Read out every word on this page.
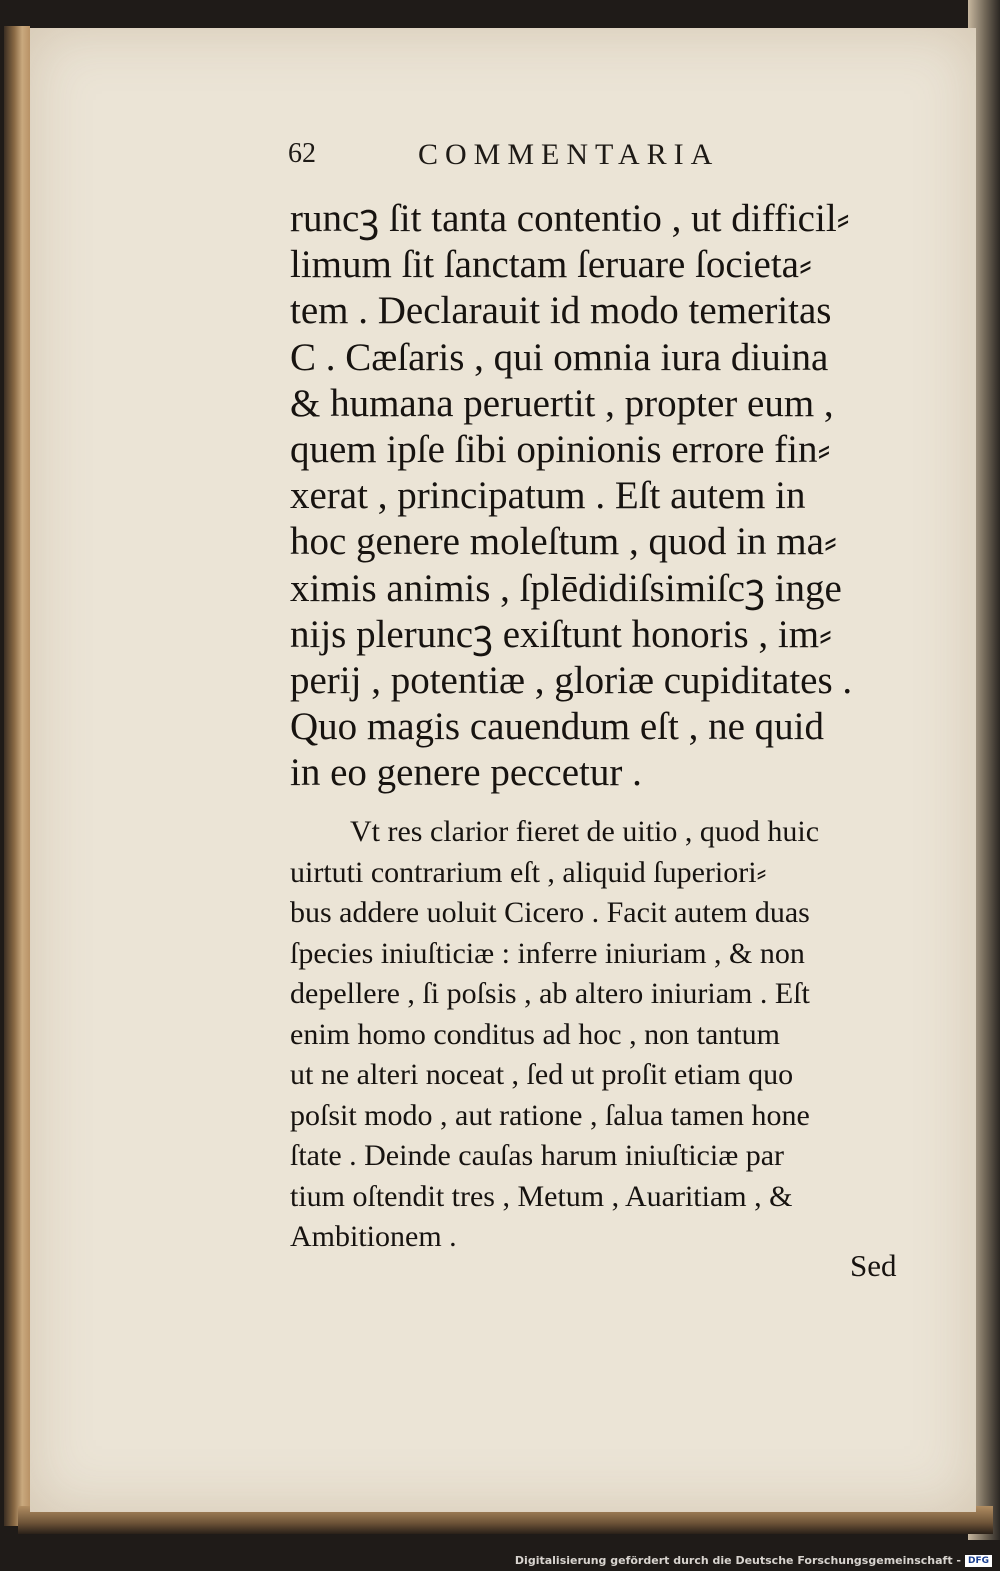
62	COMMENTARIA
runcꝫ ſit tanta contentio , ut difficil⸗
limum ſit ſanctam ſeruare ſocieta⸗
tem . Declarauit id modo temeritas
C . Cæſaris , qui omnia iura diuina
& humana peruertit , propter eum ,
quem ipſe ſibi opinionis errore fin⸗
xerat , principatum . Eſt autem in
hoc genere moleſtum , quod in ma⸗
ximis animis , ſplēdidiſsimiſcꝫ inge
nijs pleruncꝫ exiſtunt honoris , im⸗
perij , potentiæ , gloriæ cupiditates .
Quo magis cauendum eſt , ne quid
in eo genere peccetur .
Vt res clarior fieret de uitio , quod huic
uirtuti contrarium eſt , aliquid ſuperiori⸗
bus addere uoluit Cicero . Facit autem duas
ſpecies iniuſticiæ : inferre iniuriam , & non
depellere , ſi poſsis , ab altero iniuriam . Eſt
enim homo conditus ad hoc , non tantum
ut ne alteri noceat , ſed ut proſit etiam quo
poſsit modo , aut ratione , ſalua tamen hone
ſtate . Deinde cauſas harum iniuſticiæ par
tium oſtendit tres , Metum , Auaritiam , &
Ambitionem .
Sed
Digitalisierung gefördert durch die Deutsche Forschungsgemeinschaft - DFG
